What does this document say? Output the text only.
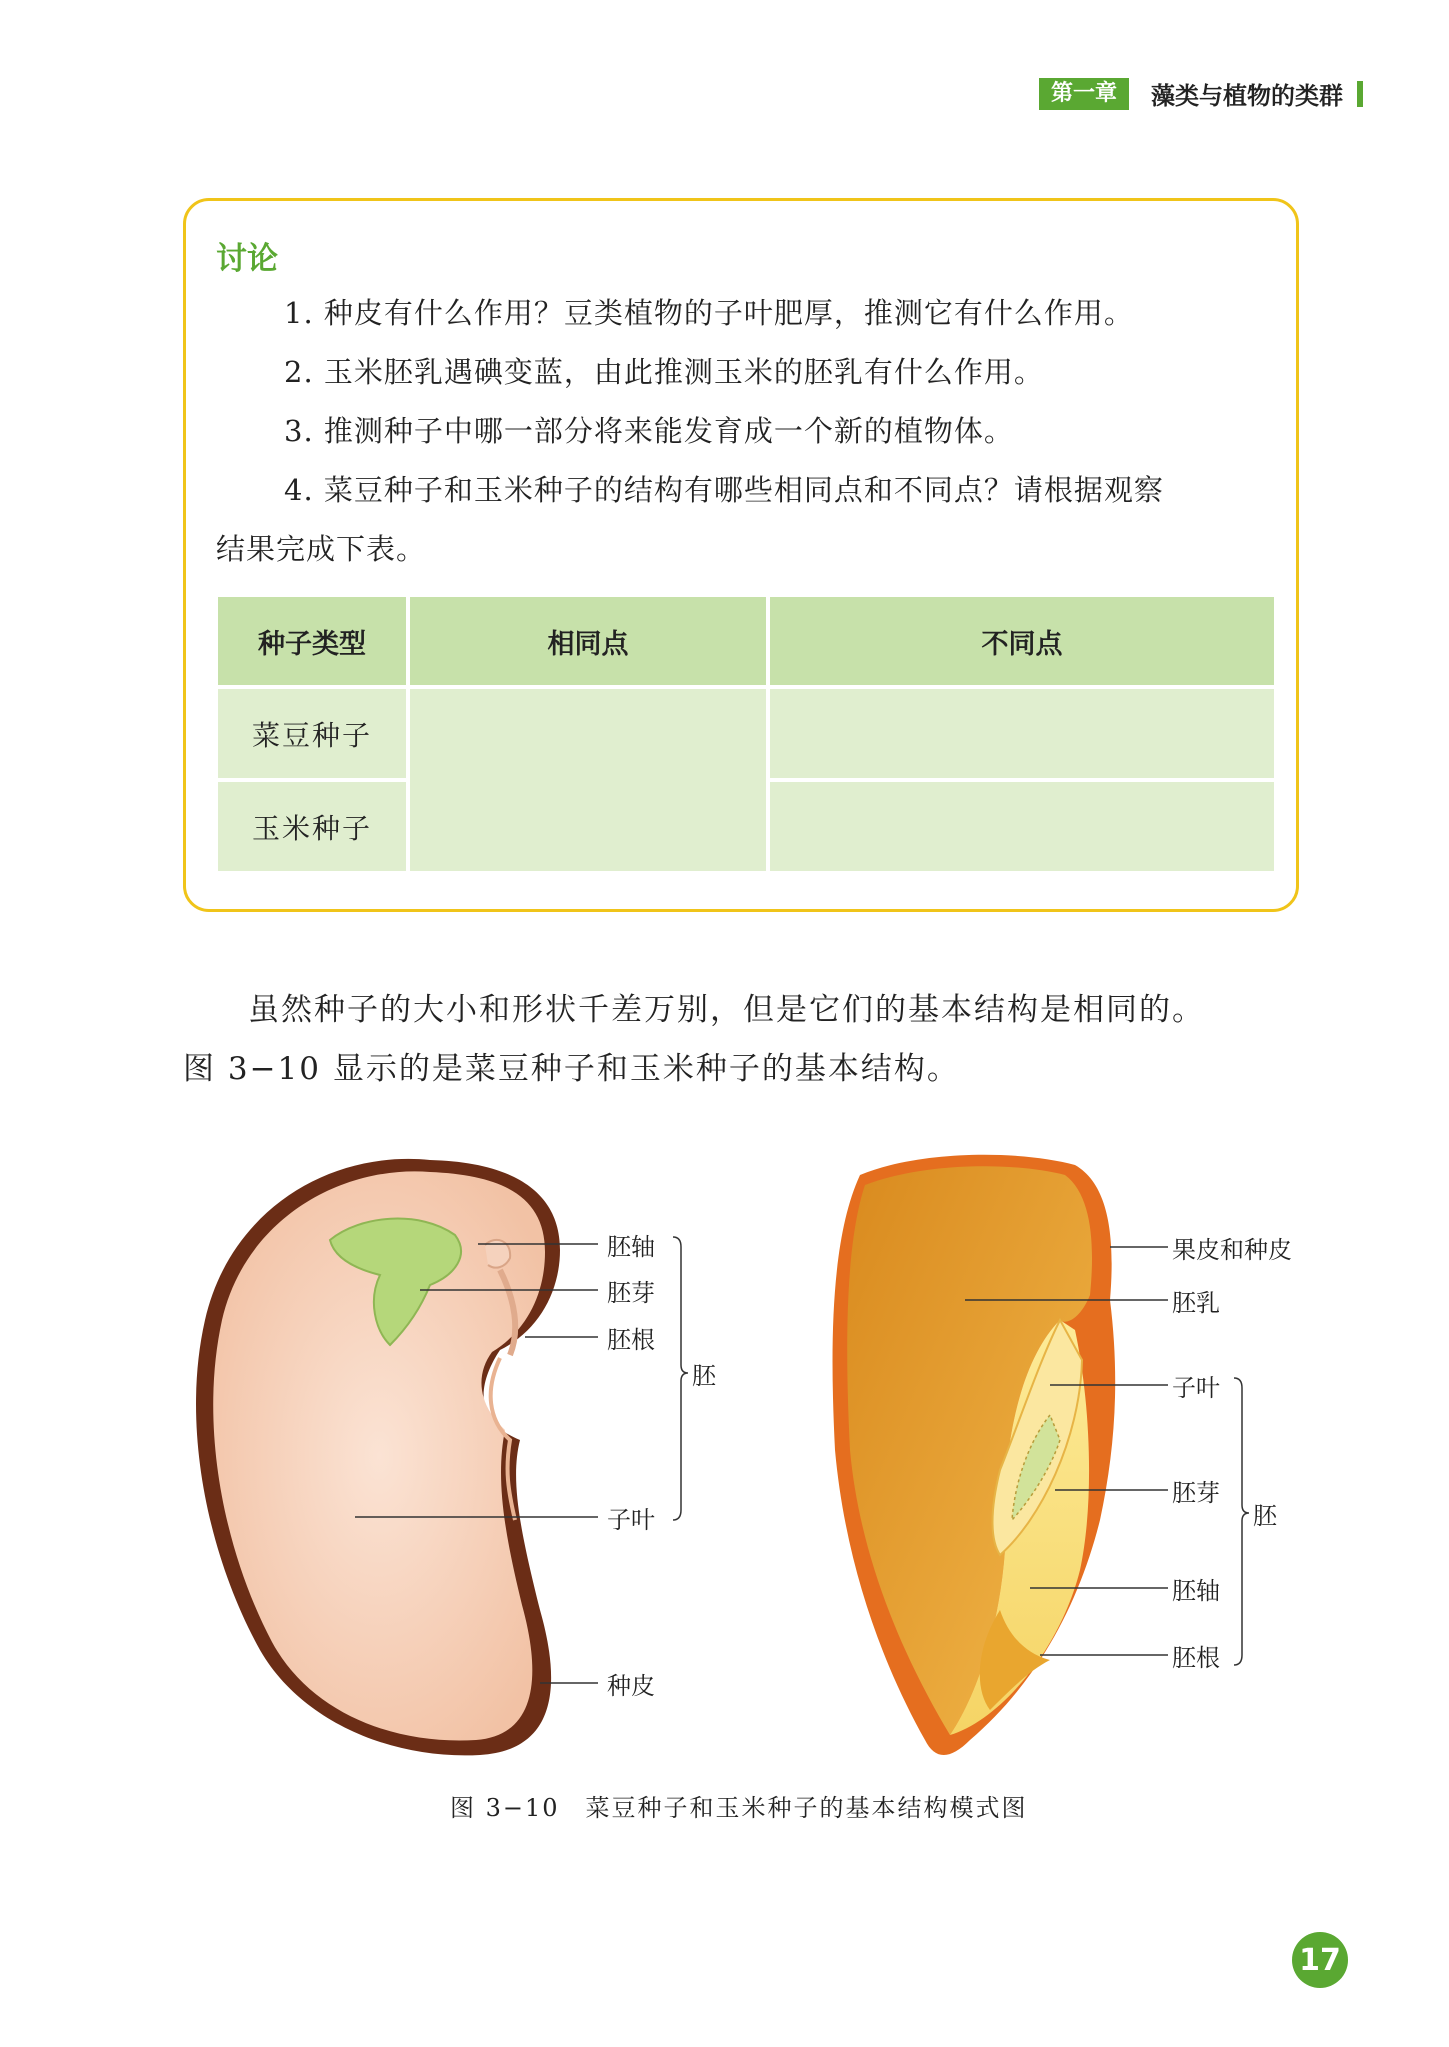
第一章	藻类与植物的类群
讨论
1. 种皮有什么作用？豆类植物的子叶肥厚，推测它有什么作用。
2. 玉米胚乳遇碘变蓝，由此推测玉米的胚乳有什么作用。
3. 推测种子中哪一部分将来能发育成一个新的植物体。
4. 菜豆种子和玉米种子的结构有哪些相同点和不同点？请根据观察
结果完成下表。
种子类型	相同点	不同点
菜豆种子
玉米种子
虽然种子的大小和形状千差万别，但是它们的基本结构是相同的。
图 3−10 显示的是菜豆种子和玉米种子的基本结构。
胚轴
胚芽
胚根
胚
子叶
种皮
果皮和种皮
胚乳
子叶
胚芽
胚
胚轴
胚根
图 3−10　菜豆种子和玉米种子的基本结构模式图
17
